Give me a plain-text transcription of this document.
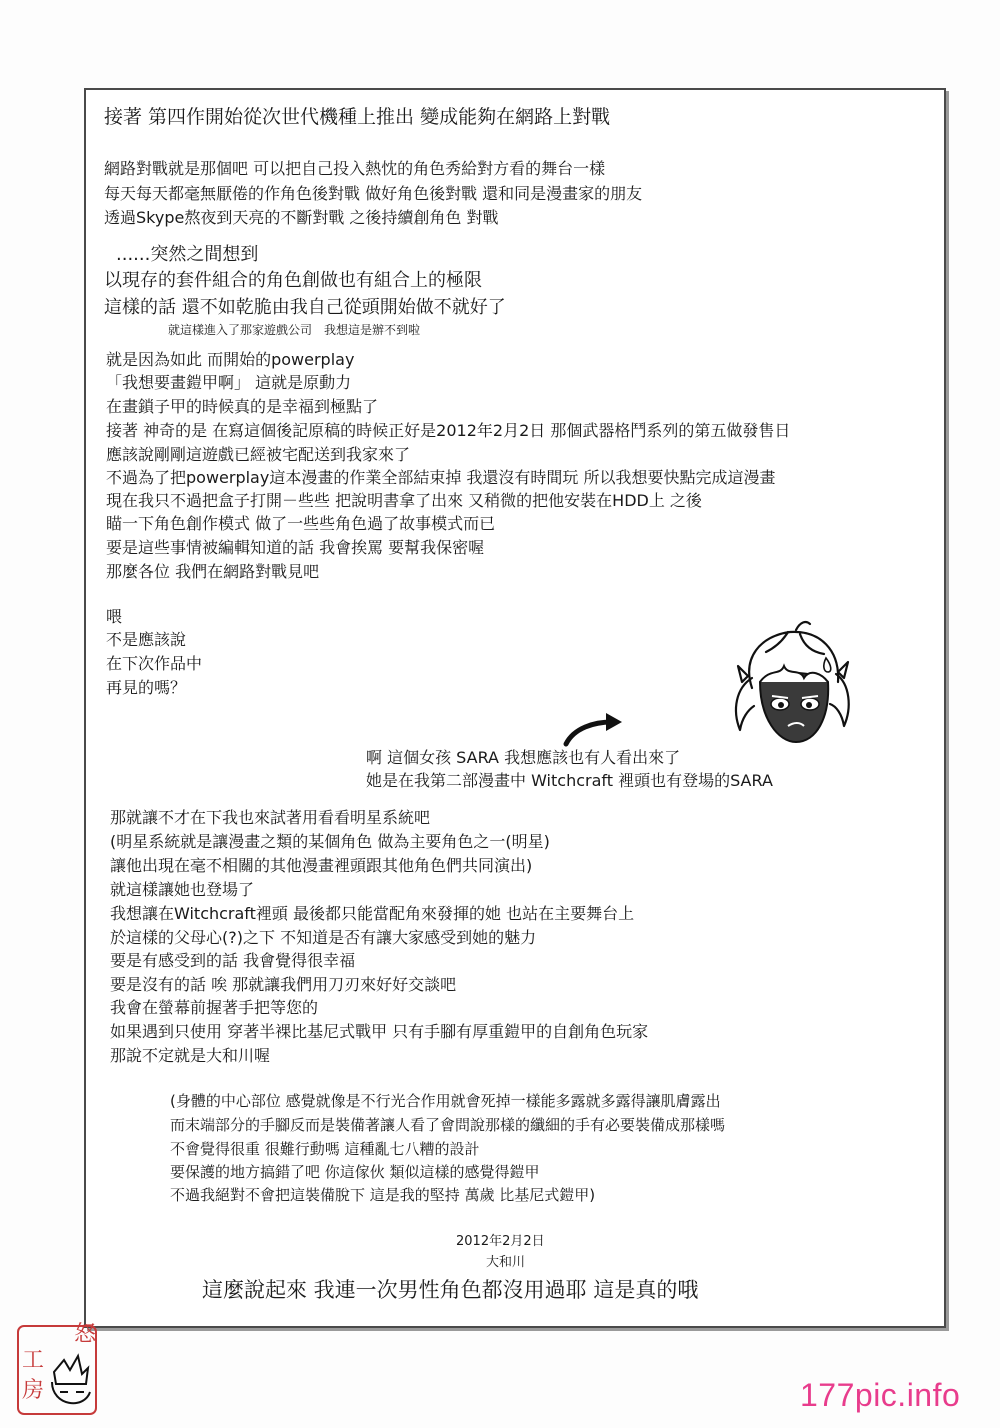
接著 第四作開始從次世代機種上推出 變成能夠在網路上對戰
網路對戰就是那個吧 可以把自己投入熱忱的角色秀給對方看的舞台一樣
每天每天都毫無厭倦的作角色後對戰 做好角色後對戰 還和同是漫畫家的朋友
透過Skype熬夜到天亮的不斷對戰 之後持續創角色 對戰
......突然之間想到
以現存的套件組合的角色創做也有組合上的極限
這樣的話 還不如乾脆由我自己從頭開始做不就好了
就這樣進入了那家遊戲公司　我想這是辦不到啦
就是因為如此 而開始的powerplay
「我想要畫鎧甲啊」 這就是原動力
在畫鎖子甲的時候真的是幸福到極點了
接著 神奇的是 在寫這個後記原稿的時候正好是2012年2月2日 那個武器格鬥系列的第五做發售日
應該說剛剛這遊戲已經被宅配送到我家來了
不過為了把powerplay這本漫畫的作業全部結束掉 我還沒有時間玩 所以我想要快點完成這漫畫
現在我只不過把盒子打開－些些 把說明書拿了出來 又稍微的把他安裝在HDD上 之後
瞄一下角色創作模式 做了一些些角色過了故事模式而已
要是這些事情被編輯知道的話 我會挨罵 要幫我保密喔
那麼各位 我們在網路對戰見吧
喂
不是應該說
在下次作品中
再見的嗎？
啊 這個女孩 SARA 我想應該也有人看出來了
她是在我第二部漫畫中 Witchcraft 裡頭也有登場的SARA
那就讓不才在下我也來試著用看看明星系統吧
(明星系統就是讓漫畫之類的某個角色 做為主要角色之一(明星)
讓他出現在毫不相關的其他漫畫裡頭跟其他角色們共同演出)
就這樣讓她也登場了
我想讓在Witchcraft裡頭 最後都只能當配角來發揮的她 也站在主要舞台上
於這樣的父母心(?)之下 不知道是否有讓大家感受到她的魅力
要是有感受到的話 我會覺得很幸福
要是沒有的話 唉 那就讓我們用刀刃來好好交談吧
我會在螢幕前握著手把等您的
如果遇到只使用 穿著半裸比基尼式戰甲 只有手腳有厚重鎧甲的自創角色玩家
那說不定就是大和川喔
(身體的中心部位 感覺就像是不行光合作用就會死掉一樣能多露就多露得讓肌膚露出
而末端部分的手腳反而是裝備著讓人看了會問說那樣的纖細的手有必要裝備成那樣嗎
不會覺得很重 很難行動嗎 這種亂七八糟的設計
要保護的地方搞錯了吧 你這傢伙 類似這樣的感覺得鎧甲
不過我絕對不會把這裝備脫下 這是我的堅持 萬歲 比基尼式鎧甲)
2012年2月2日
大和川
這麼說起來 我連一次男性角色都沒用過耶 這是真的哦
怒
工
房	177pic.info
